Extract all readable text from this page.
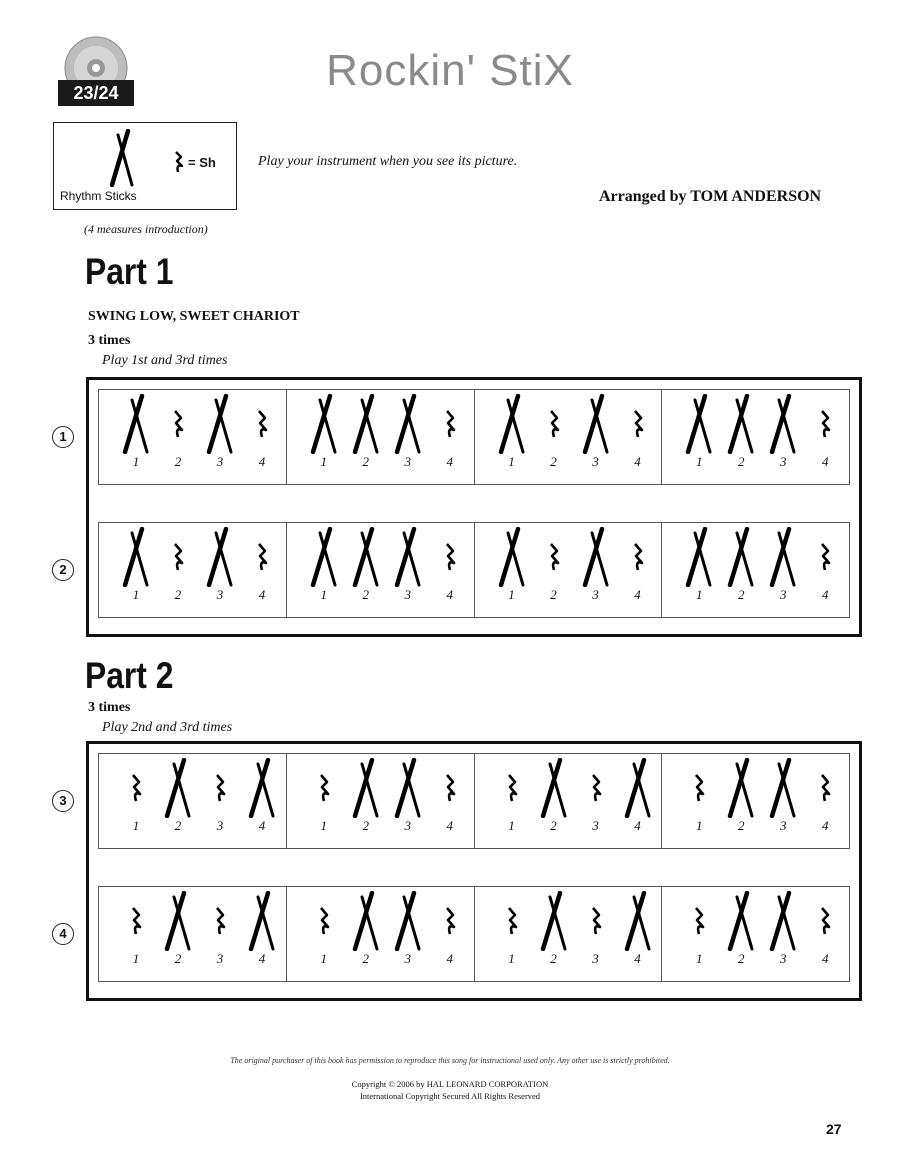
23/24	Rockin' StiX
= Sh
Rhythm Sticks
Play your instrument when you see its picture.
Arranged by TOM ANDERSON
(4 measures introduction)
Part 1
SWING LOW, SWEET CHARIOT
3 times
Play 1st and 3rd times
Part 2
3 times
Play 2nd and 3rd times
The original purchaser of this book has permission to reproduce this song for instructional used only. Any other use is strictly prohibited.
Copyright © 2006 by HAL LEONARD CORPORATION
International Copyright Secured All Rights Reserved
27
1
1	2	3	4	1	2	3	4	1	2	3	4	1	2	3	4
2
1	2	3	4	1	2	3	4	1	2	3	4	1	2	3	4
3
1	2	3	4	1	2	3	4	1	2	3	4	1	2	3	4
4
1	2	3	4	1	2	3	4	1	2	3	4	1	2	3	4
